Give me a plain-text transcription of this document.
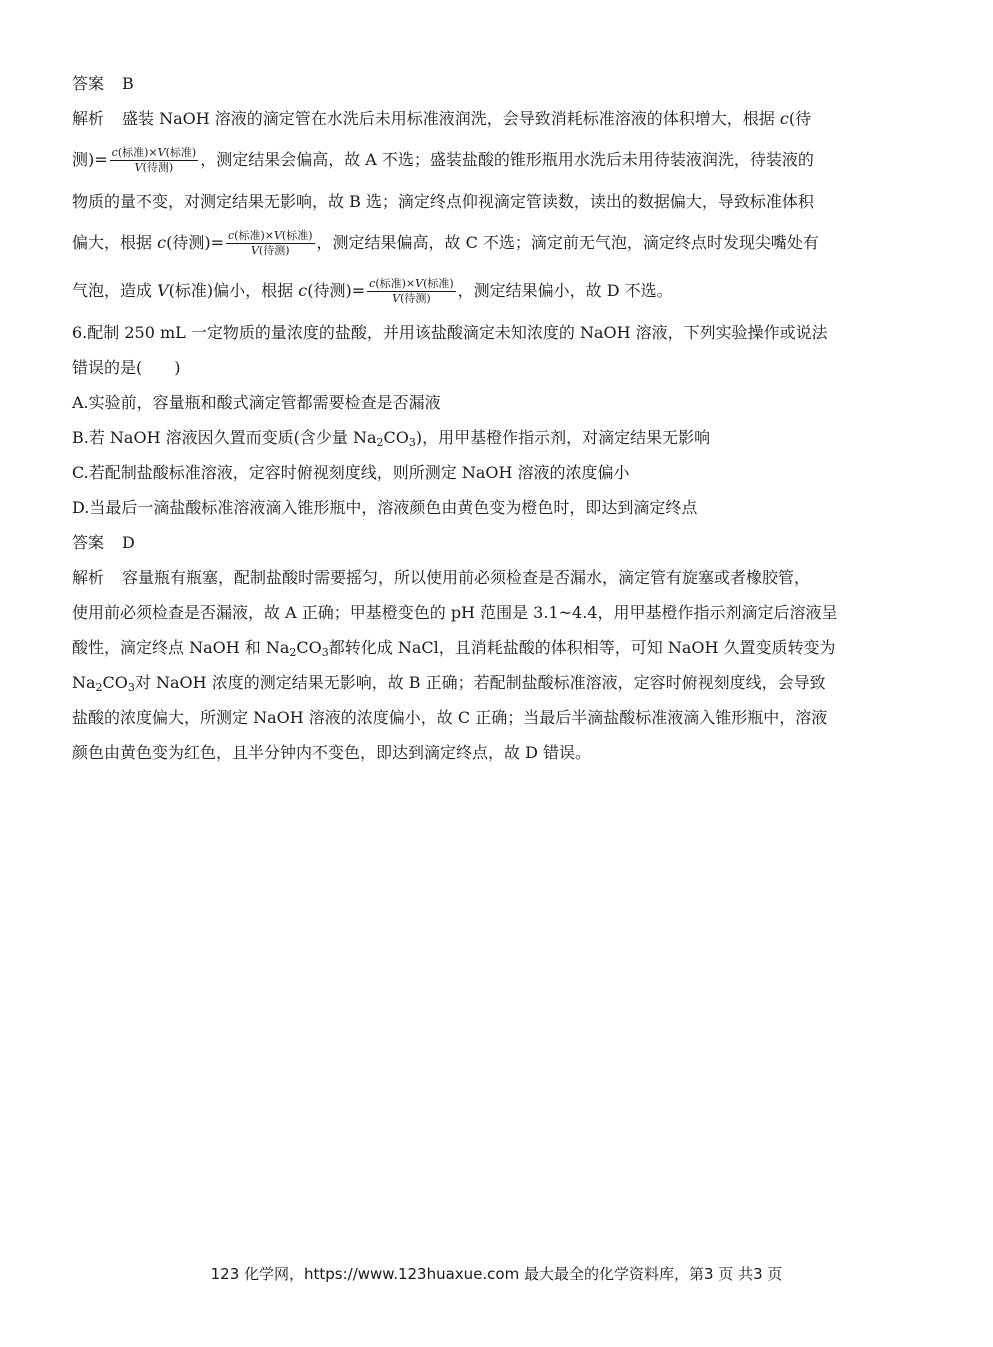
答案 B
解析 盛装 NaOH 溶液的滴定管在水洗后未用标准液润洗，会导致消耗标准溶液的体积增大，根据 c(待
测)= $\frac{\text{c(标准)×V(标准)}}{\text{V(待测)}}$ ，测定结果会偏高，故 A 不选；盛装盐酸的锥形瓶用水洗后未用待装液润洗，待装液的
物质的量不变，对测定结果无影响，故 B 选；滴定终点仰视滴定管读数，读出的数据偏大，导致标准体积
偏大，根据 c(待测)= $\frac{\text{c(标准)×V(标准)}}{\text{V(待测)}}$ ，测定结果偏高，故 C 不选；滴定前无气泡，滴定终点时发现尖嘴处有
气泡，造成 V(标准)偏小，根据 c(待测)= $\frac{\text{c(标准)×V(标准)}}{\text{V(待测)}}$ ，测定结果偏小，故 D 不选。
6.配制 250 mL 一定物质的量浓度的盐酸，并用该盐酸滴定未知浓度的 NaOH 溶液，下列实验操作或说法
错误的是(　　)
A.实验前，容量瓶和酸式滴定管都需要检查是否漏液
B.若 NaOH 溶液因久置而变质(含少量 $Na_2CO_3$)，用甲基橙作指示剂，对滴定结果无影响
C.若配制盐酸标准溶液，定容时俯视刻度线，则所测定 NaOH 溶液的浓度偏小
D.当最后一滴盐酸标准溶液滴入锥形瓶中，溶液颜色由黄色变为橙色时，即达到滴定终点
答案 D
解析 容量瓶有瓶塞，配制盐酸时需要摇匀，所以使用前必须检查是否漏水，滴定管有旋塞或者橡胶管，
使用前必须检查是否漏液，故 A 正确；甲基橙变色的 pH 范围是 3.1~4.4，用甲基橙作指示剂滴定后溶液呈
酸性，滴定终点 NaOH 和 $Na_2CO_3$都转化成 NaCl，且消耗盐酸的体积相等，可知 NaOH 久置变质转变为
$Na_2CO_3$对 NaOH 浓度的测定结果无影响，故 B 正确；若配制盐酸标准溶液，定容时俯视刻度线，会导致
盐酸的浓度偏大，所测定 NaOH 溶液的浓度偏小，故 C 正确；当最后半滴盐酸标准液滴入锥形瓶中，溶液
颜色由黄色变为红色，且半分钟内不变色，即达到滴定终点，故 D 错误。
123 化学网，https://www.123huaxue.com 最大最全的化学资料库，第3 页 共3 页
